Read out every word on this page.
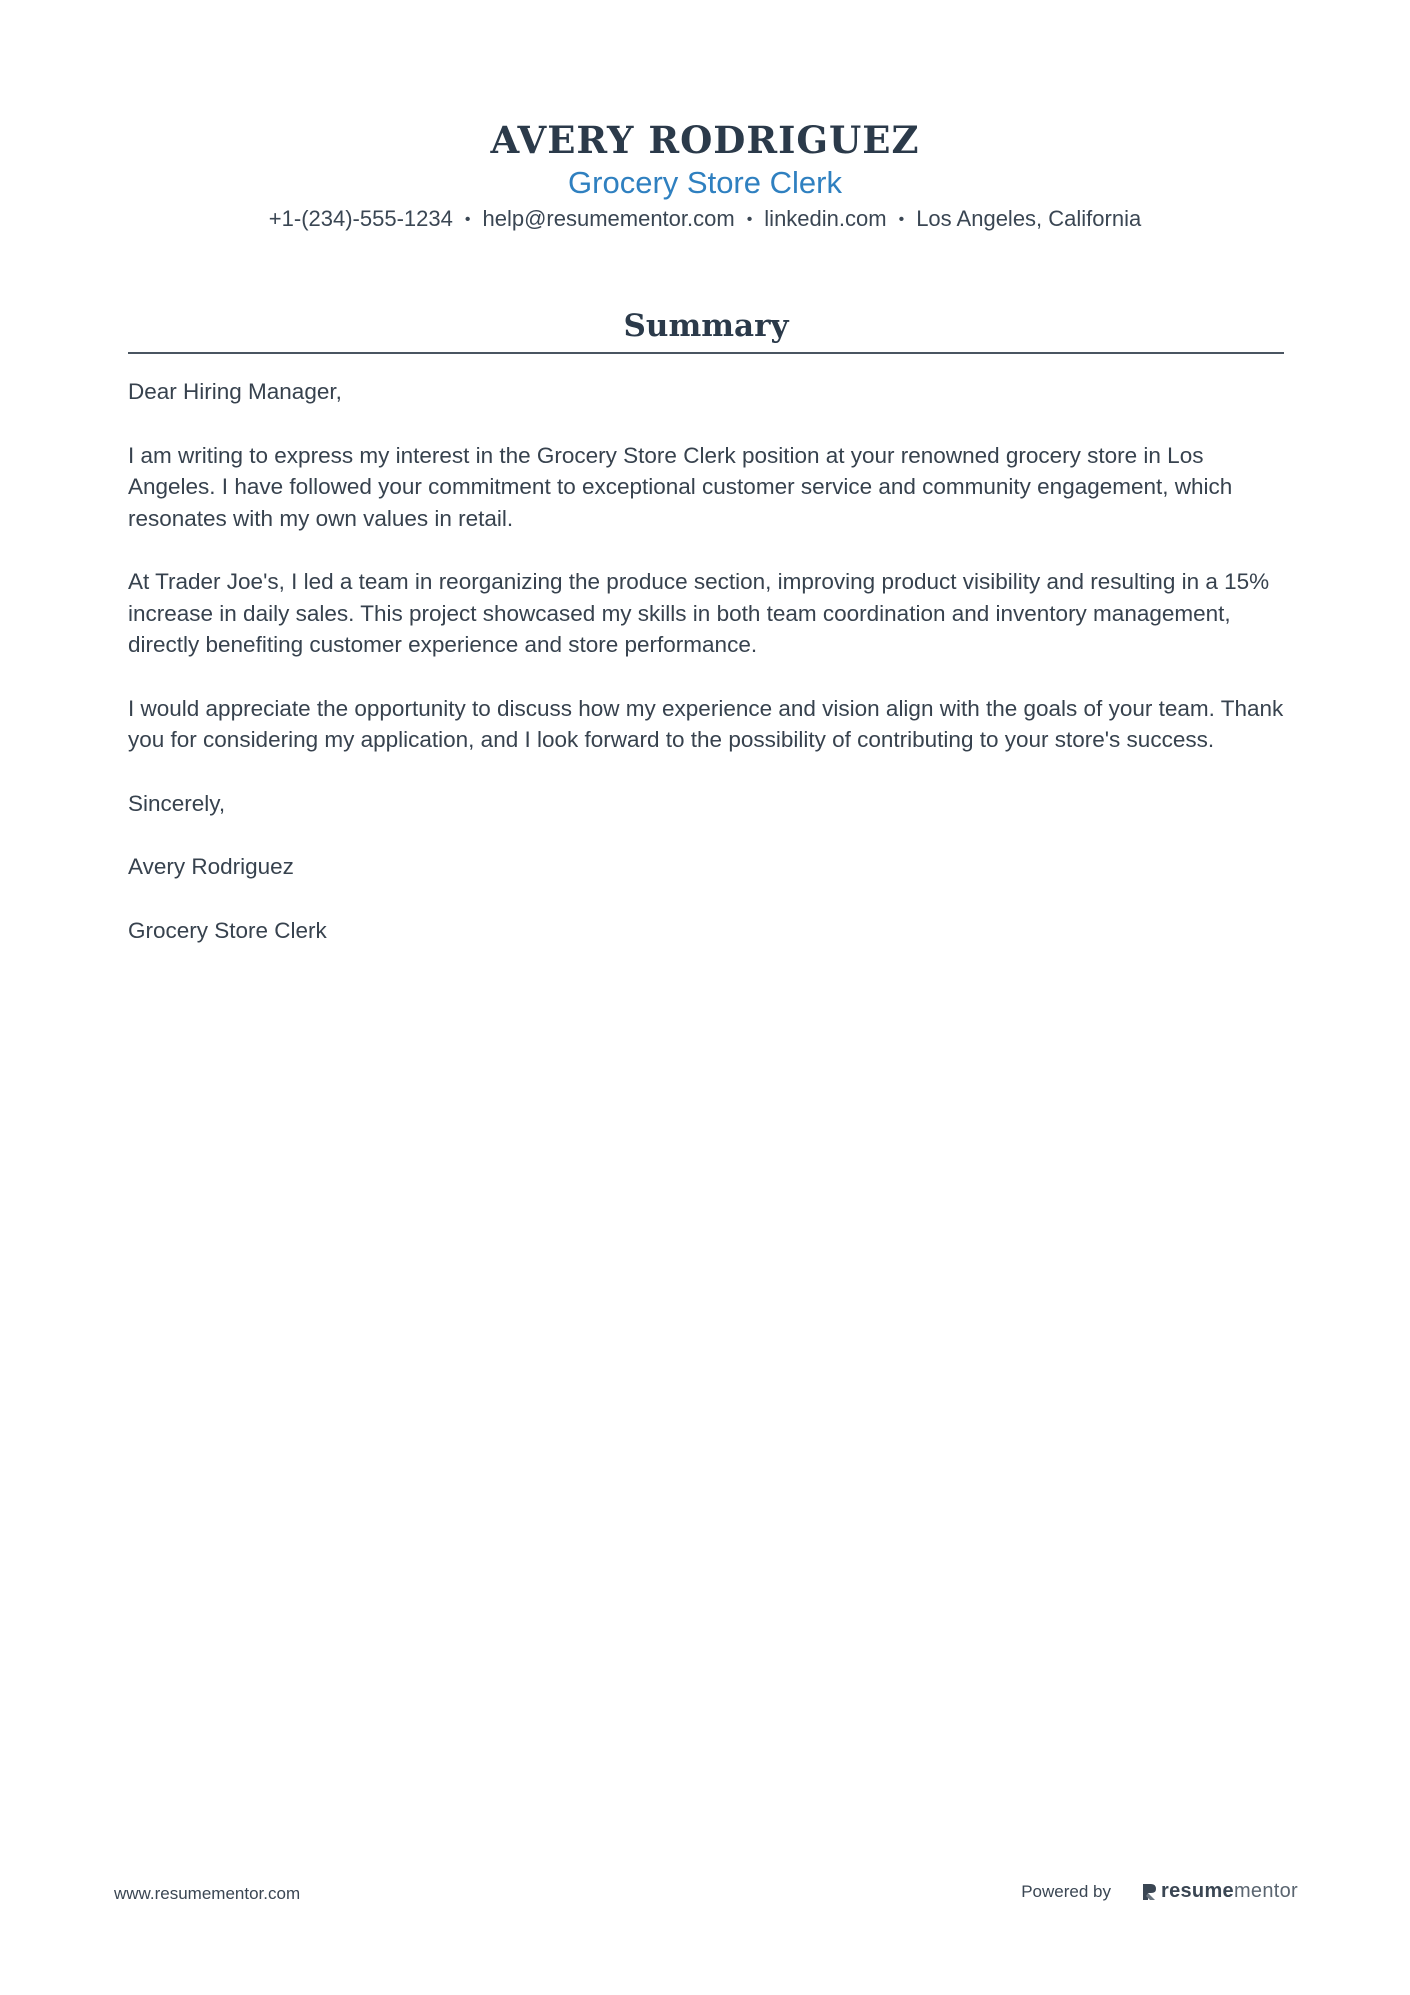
AVERY RODRIGUEZ
Grocery Store Clerk
+1-(234)-555-1234 • help@resumementor.com • linkedin.com • Los Angeles, California
Summary

Dear Hiring Manager,

I am writing to express my interest in the Grocery Store Clerk position at your renowned grocery store in Los Angeles. I have followed your commitment to exceptional customer service and community engagement, which resonates with my own values in retail.

At Trader Joe's, I led a team in reorganizing the produce section, improving product visibility and resulting in a 15% increase in daily sales. This project showcased my skills in both team coordination and inventory management, directly benefiting customer experience and store performance.

I would appreciate the opportunity to discuss how my experience and vision align with the goals of your team. Thank you for considering my application, and I look forward to the possibility of contributing to your store's success.

Sincerely,

Avery Rodriguez

Grocery Store Clerk

www.resumementor.com	Powered by	resume mentor
